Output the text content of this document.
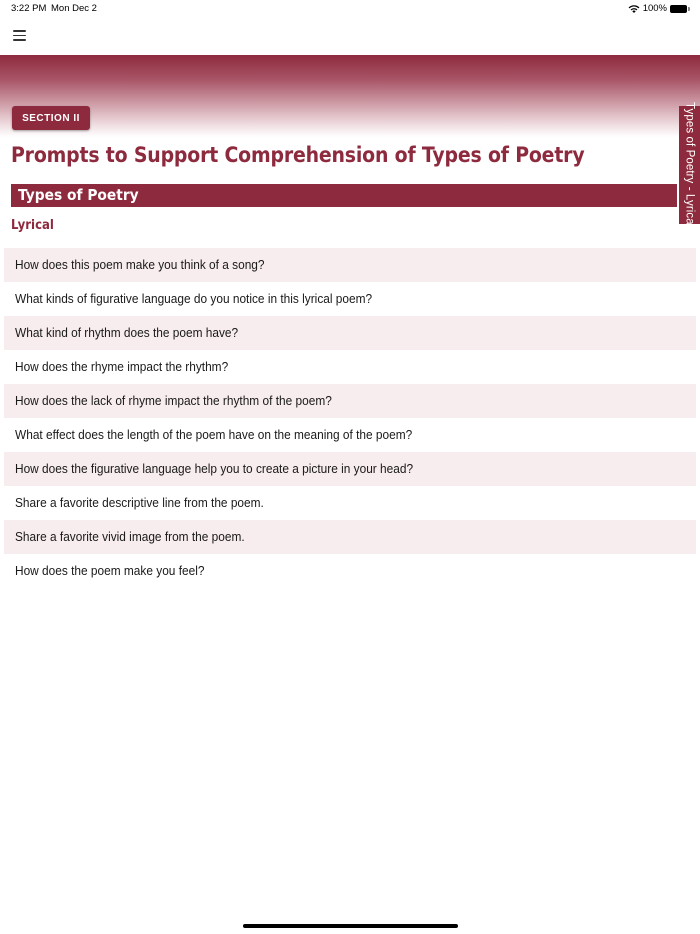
3:22 PM Mon Dec 2	100%
SECTION II
Prompts to Support Comprehension of Types of Poetry
Types of Poetry	Types of Poetry - Lyrical
Lyrical
How does this poem make you think of a song?
What kinds of figurative language do you notice in this lyrical poem?
What kind of rhythm does the poem have?
How does the rhyme impact the rhythm?
How does the lack of rhyme impact the rhythm of the poem?
What effect does the length of the poem have on the meaning of the poem?
How does the figurative language help you to create a picture in your head?
Share a favorite descriptive line from the poem.
Share a favorite vivid image from the poem.
How does the poem make you feel?
